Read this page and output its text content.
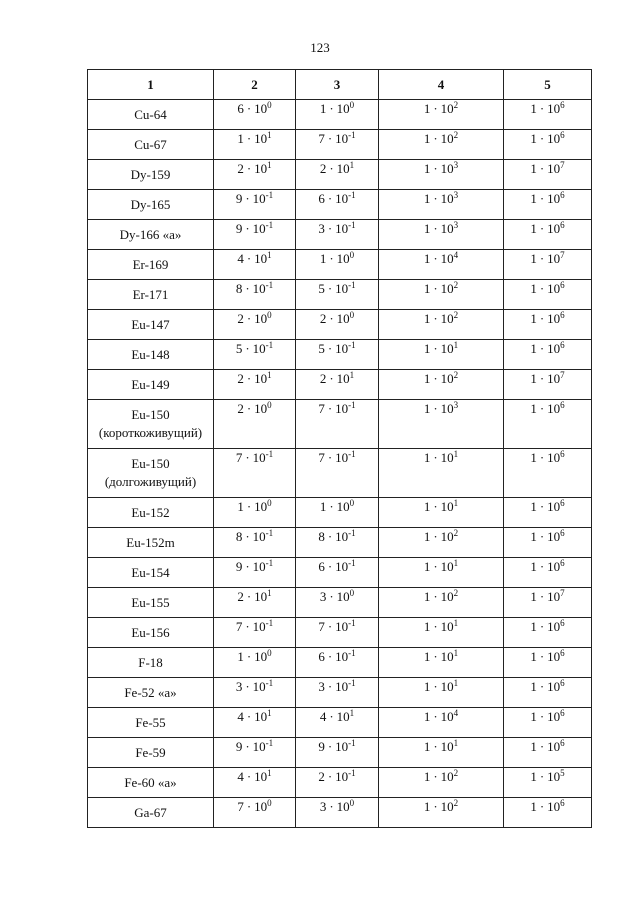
123
1	2	3	4	5

Cu-64	$6 \cdot 10^0$	$1 \cdot 10^0$	$1 \cdot 10^2$	$1 \cdot 10^6$

Cu-67	$1 \cdot 10^1$	$7 \cdot 10^{-1}$	$1 \cdot 10^2$	$1 \cdot 10^6$

Dy-159	$2 \cdot 10^1$	$2 \cdot 10^1$	$1 \cdot 10^3$	$1 \cdot 10^7$

Dy-165	$9 \cdot 10^{-1}$	$6 \cdot 10^{-1}$	$1 \cdot 10^3$	$1 \cdot 10^6$

Dy-166 «a»	$9 \cdot 10^{-1}$	$3 \cdot 10^{-1}$	$1 \cdot 10^3$	$1 \cdot 10^6$

Er-169	$4 \cdot 10^1$	$1 \cdot 10^0$	$1 \cdot 10^4$	$1 \cdot 10^7$

Er-171	$8 \cdot 10^{-1}$	$5 \cdot 10^{-1}$	$1 \cdot 10^2$	$1 \cdot 10^6$

Eu-147	$2 \cdot 10^0$	$2 \cdot 10^0$	$1 \cdot 10^2$	$1 \cdot 10^6$

Eu-148	$5 \cdot 10^{-1}$	$5 \cdot 10^{-1}$	$1 \cdot 10^1$	$1 \cdot 10^6$

Eu-149	$2 \cdot 10^1$	$2 \cdot 10^1$	$1 \cdot 10^2$	$1 \cdot 10^7$

Eu-150
(короткоживущий)	$2 \cdot 10^0$	$7 \cdot 10^{-1}$	$1 \cdot 10^3$	$1 \cdot 10^6$

Eu-150
(долгоживущий)	$7 \cdot 10^{-1}$	$7 \cdot 10^{-1}$	$1 \cdot 10^1$	$1 \cdot 10^6$

Eu-152	$1 \cdot 10^0$	$1 \cdot 10^0$	$1 \cdot 10^1$	$1 \cdot 10^6$

Eu-152m	$8 \cdot 10^{-1}$	$8 \cdot 10^{-1}$	$1 \cdot 10^2$	$1 \cdot 10^6$

Eu-154	$9 \cdot 10^{-1}$	$6 \cdot 10^{-1}$	$1 \cdot 10^1$	$1 \cdot 10^6$

Eu-155	$2 \cdot 10^1$	$3 \cdot 10^0$	$1 \cdot 10^2$	$1 \cdot 10^7$

Eu-156	$7 \cdot 10^{-1}$	$7 \cdot 10^{-1}$	$1 \cdot 10^1$	$1 \cdot 10^6$

F-18	$1 \cdot 10^0$	$6 \cdot 10^{-1}$	$1 \cdot 10^1$	$1 \cdot 10^6$

Fe-52 «a»	$3 \cdot 10^{-1}$	$3 \cdot 10^{-1}$	$1 \cdot 10^1$	$1 \cdot 10^6$

Fe-55	$4 \cdot 10^1$	$4 \cdot 10^1$	$1 \cdot 10^4$	$1 \cdot 10^6$

Fe-59	$9 \cdot 10^{-1}$	$9 \cdot 10^{-1}$	$1 \cdot 10^1$	$1 \cdot 10^6$

Fe-60 «a»	$4 \cdot 10^1$	$2 \cdot 10^{-1}$	$1 \cdot 10^2$	$1 \cdot 10^5$

Ga-67	$7 \cdot 10^0$	$3 \cdot 10^0$	$1 \cdot 10^2$	$1 \cdot 10^6$
